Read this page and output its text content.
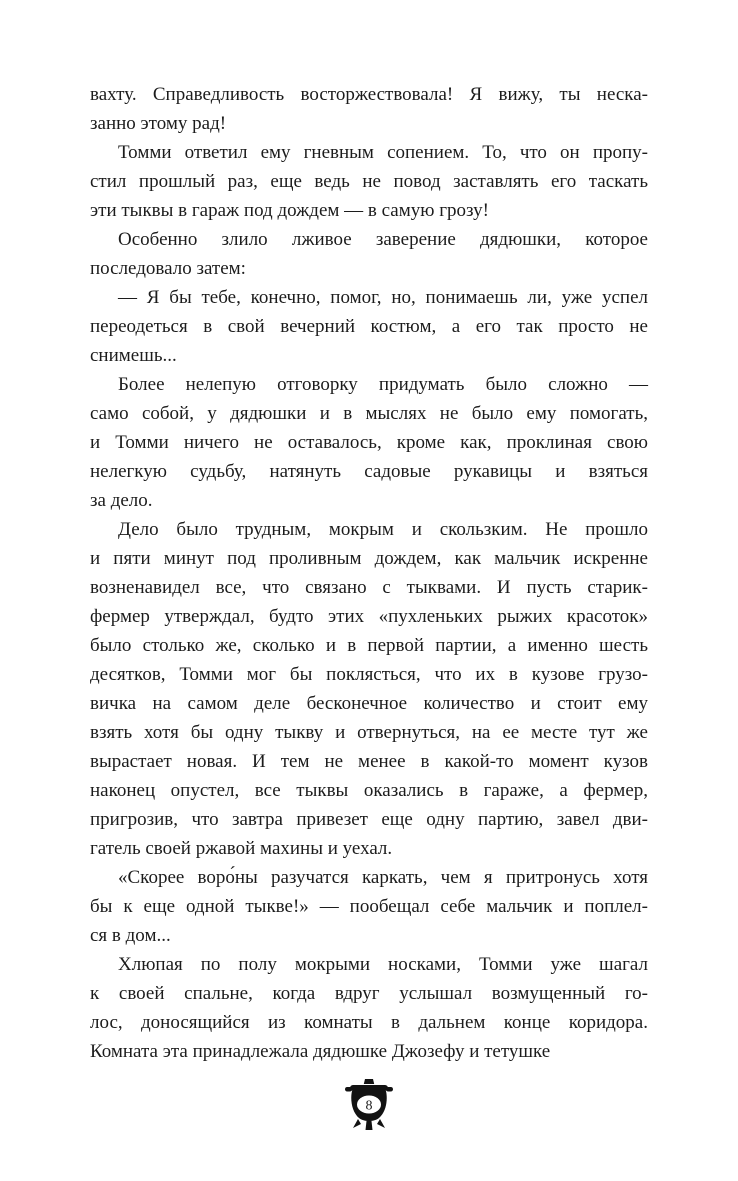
вахту. Справедливость восторжествовала! Я вижу, ты неска-
занно этому рад!
Томми ответил ему гневным сопением. То, что он пропу-
стил прошлый раз, еще ведь не повод заставлять его таскать
эти тыквы в гараж под дождем — в самую грозу!
Особенно злило лживое заверение дядюшки, которое
последовало затем:
— Я бы тебе, конечно, помог, но, понимаешь ли, уже успел
переодеться в свой вечерний костюм, а его так просто не
снимешь...
Более нелепую отговорку придумать было сложно —
само собой, у дядюшки и в мыслях не было ему помогать,
и Томми ничего не оставалось, кроме как, проклиная свою
нелегкую судьбу, натянуть садовые рукавицы и взяться
за дело.
Дело было трудным, мокрым и скользким. Не прошло
и пяти минут под проливным дождем, как мальчик искренне
возненавидел все, что связано с тыквами. И пусть старик-
фермер утверждал, будто этих «пухленьких рыжих красоток»
было столько же, сколько и в первой партии, а именно шесть
десятков, Томми мог бы поклясться, что их в кузове грузо-
вичка на самом деле бесконечное количество и стоит ему
взять хотя бы одну тыкву и отвернуться, на ее месте тут же
вырастает новая. И тем не менее в какой-то момент кузов
наконец опустел, все тыквы оказались в гараже, а фермер,
пригрозив, что завтра привезет еще одну партию, завел дви-
гатель своей ржавой махины и уехал.
«Скорее воро́ны разучатся каркать, чем я притронусь хотя
бы к еще одной тыкве!» — пообещал себе мальчик и поплел-
ся в дом...
Хлюпая по полу мокрыми носками, Томми уже шагал
к своей спальне, когда вдруг услышал возмущенный го-
лос, доносящийся из комнаты в дальнем конце коридора.
Комната эта принадлежала дядюшке Джозефу и тетушке
8
